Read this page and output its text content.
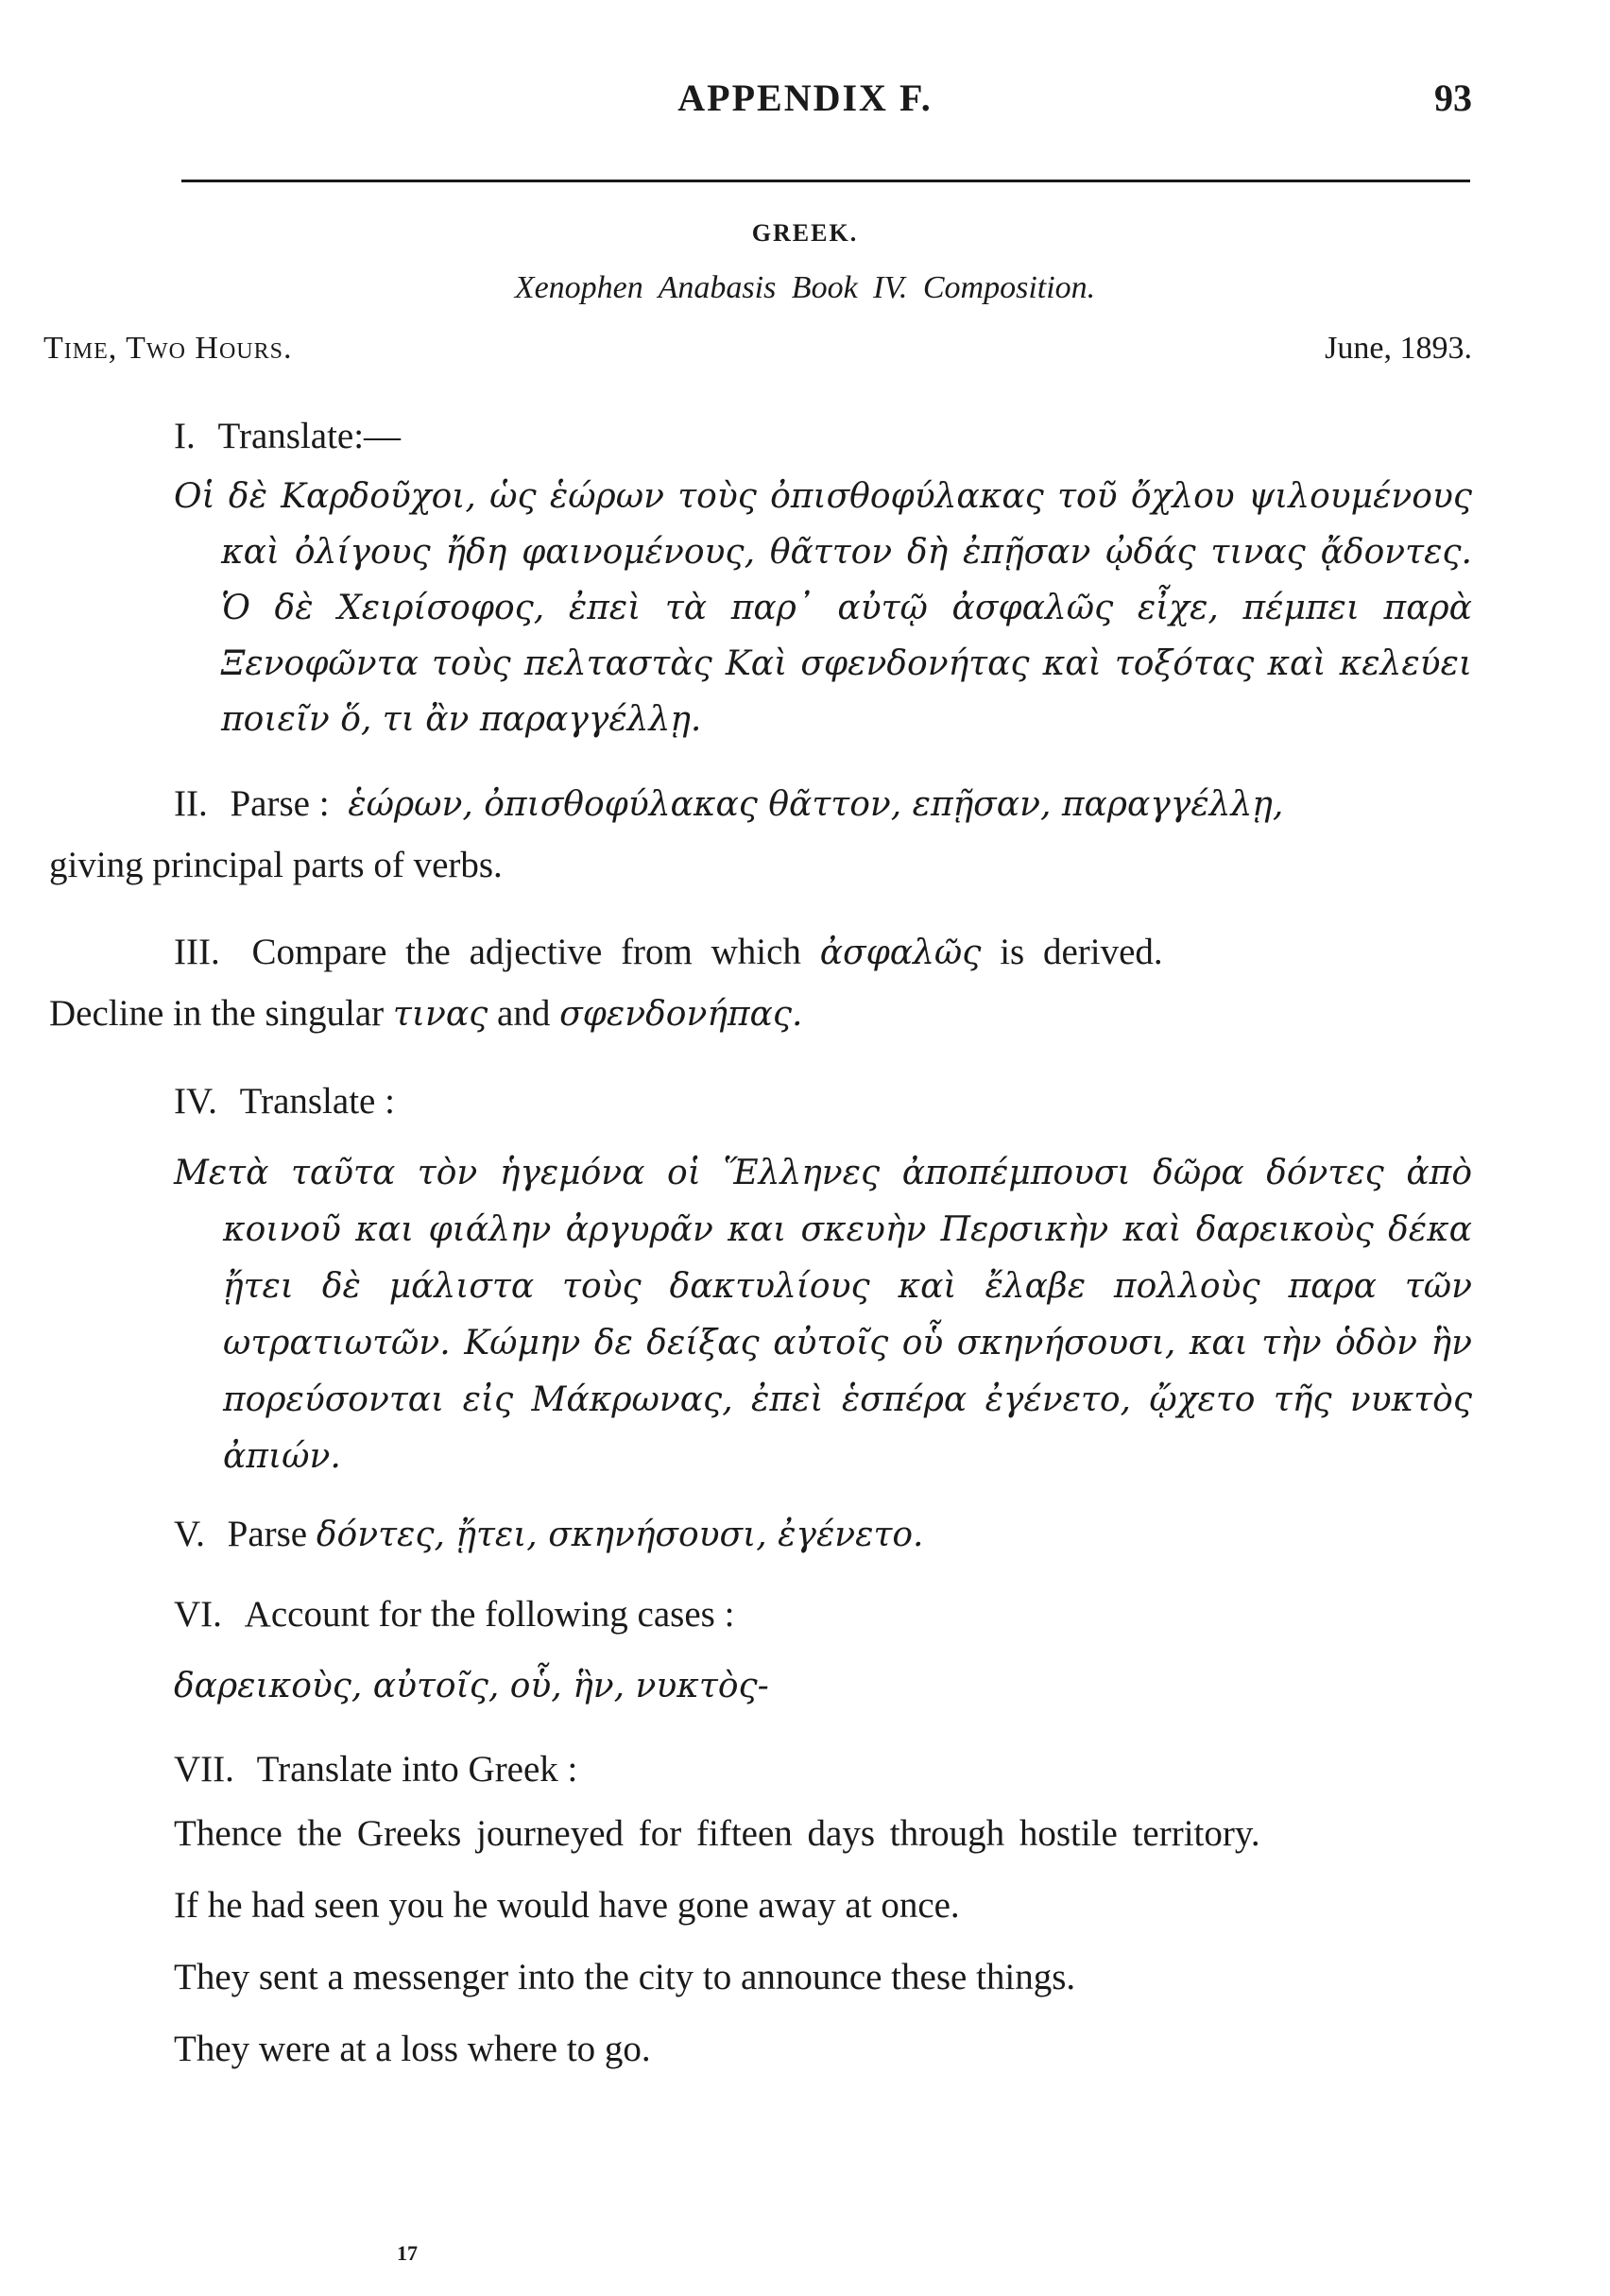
APPENDIX F.	93
GREEK.
Xenophen Anabasis Book IV. Composition.
Time, Two Hours.	June, 1893.

I. Translate:—

Οἱ δὲ Καρδοῦχοι, ὡς ἑώρων τοὺς ὀπισθοφύλακας τοῦ ὄχλου ψιλουμένους καὶ ὀλίγους ἤδη φαινομένους, θᾶττον δὴ ἐπῇσαν ᾠδάς τινας ᾄδοντες. Ὁ δὲ Χειρίσοφος, ἐπεὶ τὰ παρ᾽ αὐτῷ ἀσφαλῶς εἶχε, πέμπει παρὰ Ξενοφῶντα τοὺς πελταστὰς Καὶ σφενδονήτας καὶ τοξότας καὶ κελεύει ποιεῖν ὅ, τι ἂν παραγγέλλῃ.

II. Parse : ἑώρων, ὀπισθοφύλακας θᾶττον, επῇσαν, παραγγέλλῃ,

giving principal parts of verbs.

III. Compare the adjective from which ἀσφαλῶς is derived.

Decline in the singular τινας and σφενδονήπας.

IV. Translate :

Μετὰ ταῦτα τὸν ἡγεμόνα οἱ Ἕλληνες ἀποπέμπουσι δῶρα δόντες ἀπὸ κοινοῦ και φιάλην ἀργυρᾶν και σκευὴν Περσικὴν καὶ δαρεικοὺς δέκα ᾔτει δὲ μάλιστα τοὺς δακτυλίους καὶ ἔλαβε πολλοὺς παρα τῶν ωτρατιωτῶν. Κώμην δε δείξας αὐτοῖς οὗ σκηνήσουσι, και τὴν ὁδὸν ἣν πορεύσονται εἰς Μάκρωνας, ἐπεὶ ἑσπέρα ἐγένετο, ᾤχετο τῆς νυκτὸς ἀπιών.

V. Parse δόντες, ᾔτει, σκηνήσουσι, ἐγένετο.

VI. Account for the following cases :

δαρεικοὺς, αὐτοῖς, οὗ, ἣν, νυκτὸς-

VII. Translate into Greek :

Thence the Greeks journeyed for fifteen days through hostile territory.

If he had seen you he would have gone away at once.

They sent a messenger into the city to announce these things.

They were at a loss where to go.

17
